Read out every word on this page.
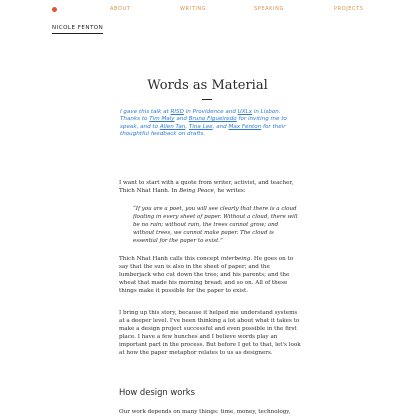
ABOUT	WRITING	SPEAKING	PROJECTS
NICOLE FENTON
Words as Material

I gave this talk at RISD in Providence and UXLx in Lisbon. Thanks to Tim Maly and Bruno Figueiredo for inviting me to speak, and to Allen Tan, Tina Lee, and Max Fenton for their thoughtful feedback on drafts.

I want to start with a quote from writer, activist, and teacher, Thich Nhat Hanh. In Being Peace, he writes:

“If you are a poet, you will see clearly that there is a cloud floating in every sheet of paper. Without a cloud, there will be no rain; without rain, the trees cannot grow; and without trees, we cannot make paper. The cloud is essential for the paper to exist.”

Thich Nhat Hanh calls this concept interbeing. He goes on to say that the sun is also in the sheet of paper; and the lumberjack who cut down the tree; and his parents; and the wheat that made his morning bread; and so on. All of these things make it possible for the paper to exist.

I bring up this story, because it helped me understand systems at a deeper level. I've been thinking a lot about what it takes to make a design project successful and even possible in the first place. I have a few hunches and I believe words play an important part in the process. But before I get to that, let's look at how the paper metaphor relates to us as designers.

How design works

Our work depends on many things: time, money, technology,
